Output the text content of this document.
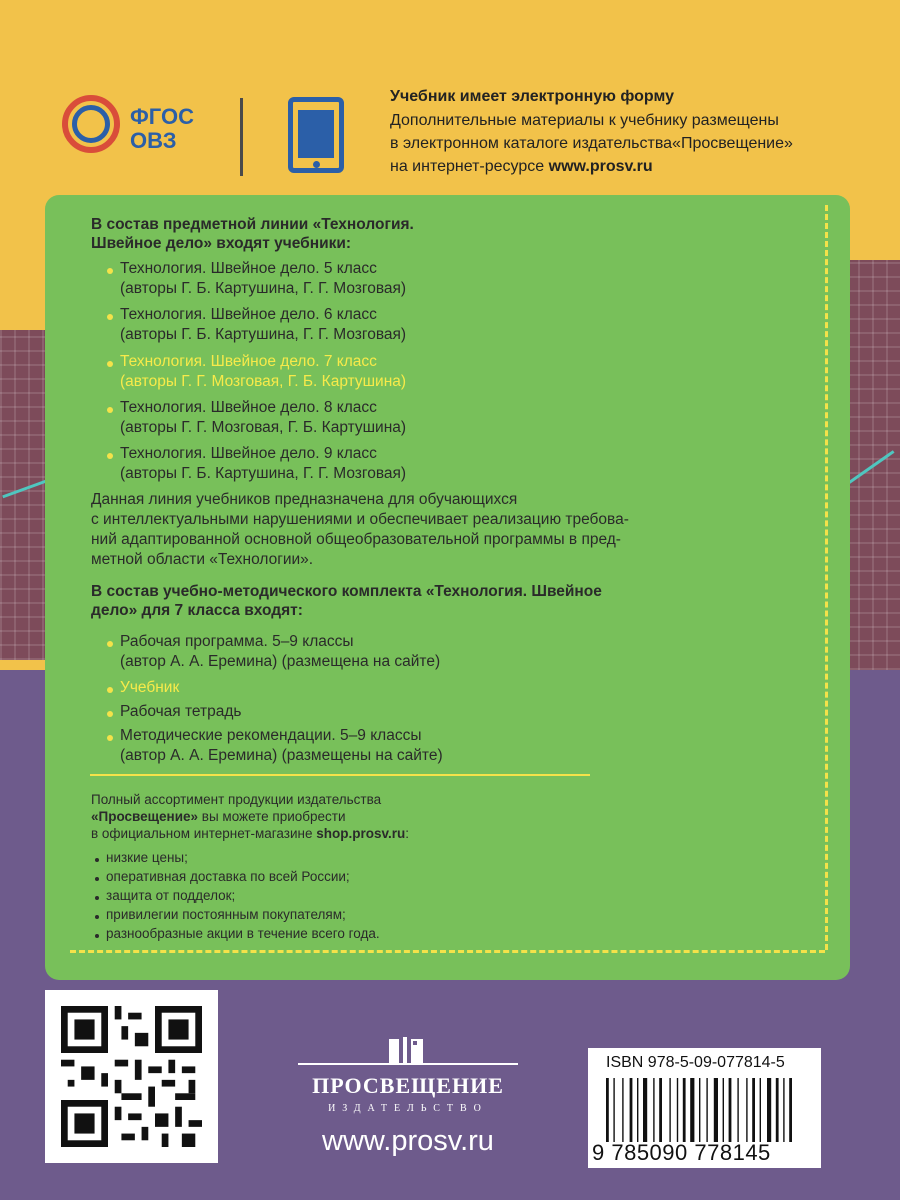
ФГОС
ОВЗ
Учебник имеет электронную форму
Дополнительные материалы к учебнику размещены
в электронном каталоге издательства«Просвещение»
на интернет-ресурсе www.prosv.ru
В состав предметной линии «Технология.
Швейное дело» входят учебники:
Технология. Швейное дело. 5 класс
(авторы Г. Б. Картушина, Г. Г. Мозговая)
Технология. Швейное дело. 6 класс
(авторы Г. Б. Картушина, Г. Г. Мозговая)
Технология. Швейное дело. 7 класс
(авторы Г. Г. Мозговая, Г. Б. Картушина)
Технология. Швейное дело. 8 класс
(авторы Г. Г. Мозговая, Г. Б. Картушина)
Технология. Швейное дело. 9 класс
(авторы Г. Б. Картушина, Г. Г. Мозговая)
Данная линия учебников предназначена для обучающихся
с интеллектуальными нарушениями и обеспечивает реализацию требова-
ний адаптированной основной общеобразовательной программы в пред-
метной области «Технологии».
В состав учебно-методического комплекта «Технология. Швейное
дело» для 7 класса входят:
Рабочая программа. 5–9 классы
(автор А. А. Еремина) (размещена на сайте)
Учебник
Рабочая тетрадь
Методические рекомендации. 5–9 классы
(автор А. А. Еремина) (размещены на сайте)
Полный ассортимент продукции издательства
«Просвещение» вы можете приобрести
в официальном интернет-магазине shop.prosv.ru:
низкие цены;
оперативная доставка по всей России;
защита от подделок;
привилегии постоянным покупателям;
разнообразные акции в течение всего года.
ПРОСВЕЩЕНИЕ
ИЗДАТЕЛЬСТВО
www.prosv.ru
ISBN 978-5-09-077814-5
9 785090 778145
